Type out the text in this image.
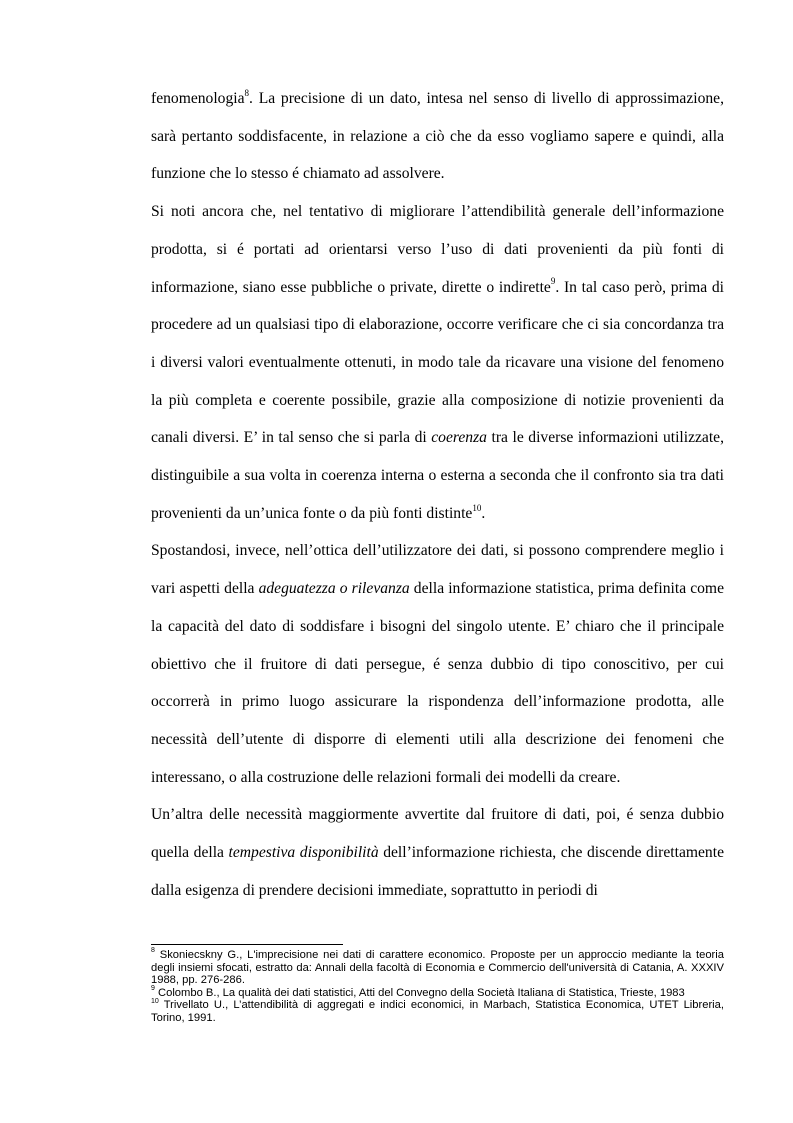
fenomenologia$^8$. La precisione di un dato, intesa nel senso di livello di approssimazione, sarà pertanto soddisfacente, in relazione a ciò che da esso vogliamo sapere e quindi, alla funzione che lo stesso é chiamato ad assolvere.

Si noti ancora che, nel tentativo di migliorare l’attendibilità generale dell’informazione prodotta, si é portati ad orientarsi verso l’uso di dati provenienti da più fonti di informazione, siano esse pubbliche o private, dirette o indirette$^9$. In tal caso però, prima di procedere ad un qualsiasi tipo di elaborazione, occorre verificare che ci sia concordanza tra i diversi valori eventualmente ottenuti, in modo tale da ricavare una visione del fenomeno la più completa e coerente possibile, grazie alla composizione di notizie provenienti da canali diversi. E’ in tal senso che si parla di coerenza tra le diverse informazioni utilizzate, distinguibile a sua volta in coerenza interna o esterna a seconda che il confronto sia tra dati provenienti da un’unica fonte o da più fonti distinte$^{10}$.

Spostandosi, invece, nell’ottica dell’utilizzatore dei dati, si possono comprendere meglio i vari aspetti della adeguatezza o rilevanza della informazione statistica, prima definita come la capacità del dato di soddisfare i bisogni del singolo utente. E’ chiaro che il principale obiettivo che il fruitore di dati persegue, é senza dubbio di tipo conoscitivo, per cui occorrerà in primo luogo assicurare la rispondenza dell’informazione prodotta, alle necessità dell’utente di disporre di elementi utili alla descrizione dei fenomeni che interessano, o alla costruzione delle relazioni formali dei modelli da creare.

Un’altra delle necessità maggiormente avvertite dal fruitore di dati, poi, é senza dubbio quella della tempestiva disponibilità dell’informazione richiesta, che discende direttamente dalla esigenza di prendere decisioni immediate, soprattutto in periodi di

$^8$ Skoniecskny G., L'imprecisione nei dati di carattere economico. Proposte per un approccio mediante la teoria degli insiemi sfocati, estratto da: Annali della facoltà di Economia e Commercio dell'università di Catania, A. XXXIV 1988, pp. 276-286.

$^9$ Colombo B., La qualità dei dati statistici, Atti del Convegno della Società Italiana di Statistica, Trieste, 1983

$^{10}$ Trivellato U., L’attendibilità di aggregati e indici economici, in Marbach, Statistica Economica, UTET Libreria, Torino, 1991.
